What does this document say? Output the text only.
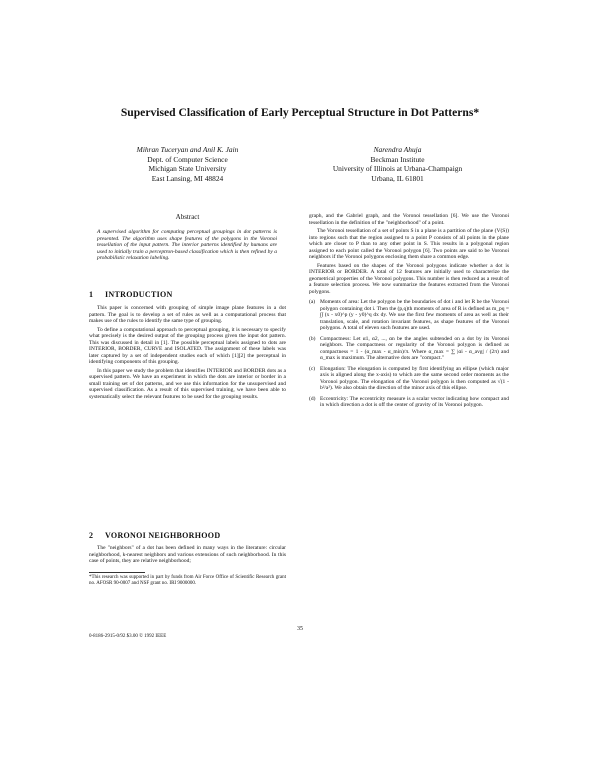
Supervised Classification of Early Perceptual Structure in Dot Patterns*
Mihran Tuceryan and Anil K. Jain
Dept. of Computer Science
Michigan State University
East Lansing, MI 48824
Narendra Ahuja
Beckman Institute
University of Illinois at Urbana-Champaign
Urbana, IL 61801
Abstract
A supervised algorithm for computing perceptual groupings in dot patterns is presented. The algorithm uses shape features of the polygons in the Voronoi tessellation of the input pattern. The interior patterns identified by humans are used to initially train a perceptron-based classification which is then refined by a probabilistic relaxation labeling.
1 INTRODUCTION

This paper is concerned with grouping of simple image plane features in a dot pattern. The goal is to develop a set of rules as well as a computational process that makes use of the rules to identify the same type of grouping.

To define a computational approach to perceptual grouping, it is necessary to specify what precisely is the desired output of the grouping process given the input dot pattern. This was discussed in detail in [1]. The possible perceptual labels assigned to dots are INTERIOR, BORDER, CURVE and ISOLATED. The assignment of these labels was later captured by a set of independent studies each of which [1][2] the perceptual in identifying components of this grouping.

In this paper we study the problem that identifies INTERIOR and BORDER dots as a supervised pattern. We have an experiment in which the dots are interior or border in a small training set of dot patterns, and we use this information for the unsupervised and supervised classification. As a result of this supervised training, we have been able to systematically select the relevant features to be used for the grouping results.

2 VORONOI NEIGHBORHOOD

The "neighbors" of a dot has been defined in many ways in the literature: circular neighborhood, k-nearest neighbors and various extensions of such neighborhood. In this case of points, they are relative neighborhood;

*This research was supported in part by funds from Air Force Office of Scientific Research grant no. AFOSR 90-0007 and NSF grant no. IRI 9000000.

graph, and the Gabriel graph, and the Voronoi tessellation [6]. We use the Voronoi tessellation in the definition of the "neighborhood" of a point.

The Voronoi tessellation of a set of points S in a plane is a partition of the plane (V(S)) into regions such that the region assigned to a point P consists of all points in the plane which are closer to P than to any other point in S. This results in a polygonal region assigned to each point called the Voronoi polygon [6]. Two points are said to be Voronoi neighbors if the Voronoi polygons enclosing them share a common edge.

Features based on the shapes of the Voronoi polygons indicate whether a dot is INTERIOR or BORDER. A total of 12 features are initially used to characterize the geometrical properties of the Voronoi polygons. This number is then reduced as a result of a feature selection process. We now summarize the features extracted from the Voronoi polygons.

(a) Moments of area: Let the polygon be the boundaries of dot i and let R be the Voronoi polygon containing dot i. Then the (p,q)th moments of area of R is defined as m_pq = ∫∫ (x - x0)^p (y - y0)^q dx dy. We use the first few moments of area as well as their translation, scale, and rotation invariant features, as shape features of the Voronoi polygons. A total of eleven such features are used.
(b) Compactness: Let α1, α2, ..., αn be the angles subtended on a dot by its Voronoi neighbors. The compactness or regularity of the Voronoi polygon is defined as compactness = 1 - (α_max - α_min)/π. Where α_max = ∑ |αi - α_avg| / (2π) and α_max is maximum. The alternative dots are "compact."
(c) Elongation: The elongation is computed by first identifying an ellipse (which major axis is aligned along the x-axis) to which are the same second order moments as the Voronoi polygon. The elongation of the Voronoi polygon is then computed as √(1 - b²/a²). We also obtain the direction of the minor axis of this ellipse.
(d) Eccentricity: The eccentricity measure is a scalar vector indicating how compact and in which direction a dot is off the center of gravity of its Voronoi polygon.
35
0-8186-2915-0/92 $3.00 © 1992 IEEE
